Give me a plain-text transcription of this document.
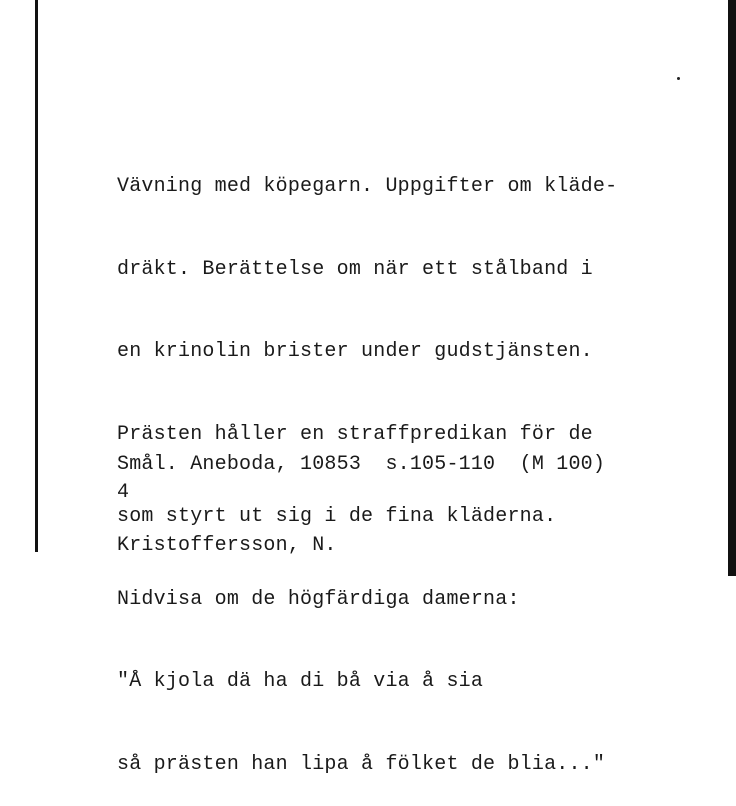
Vävning med köpegarn. Uppgifter om kläde-

dräkt. Berättelse om när ett stålband i

en krinolin brister under gudstjänsten.

Prästen håller en straffpredikan för de

som styrt ut sig i de fina kläderna.

Nidvisa om de högfärdiga damerna:

"Å kjola dä ha di bå via å sia

så prästen han lipa å fölket de blia..."

Smål. Aneboda, 10853  s.105-110  (M 100)

Kristoffersson, N.

4
